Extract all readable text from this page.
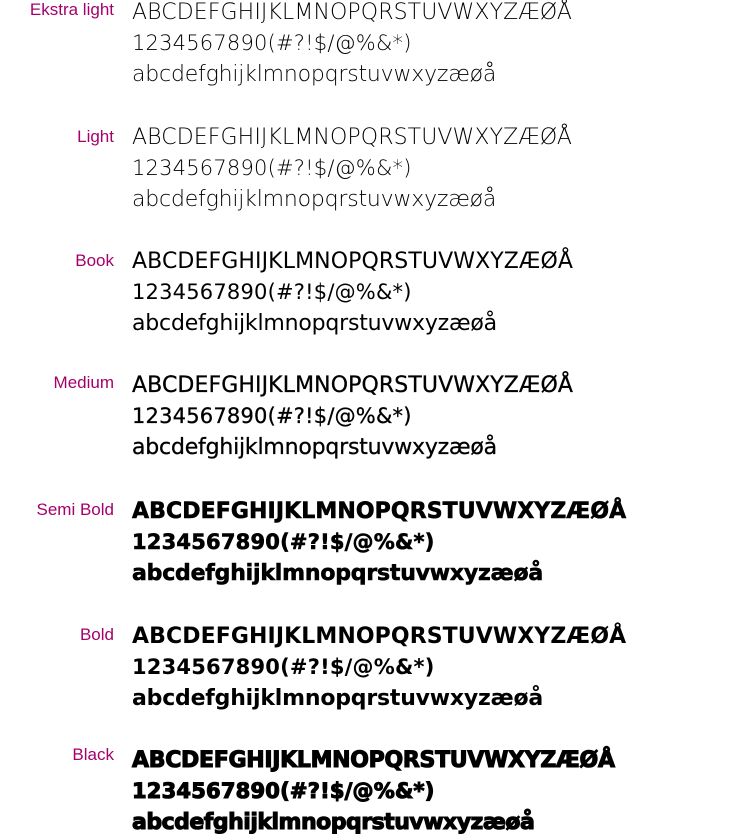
Ekstra light ABCDEFGHIJKLMNOPQRSTUVWXYZÆØÅ
1234567890(#?!$/@%&*)
abcdefghijklmnopqrstuvwxyzæøå
Light ABCDEFGHIJKLMNOPQRSTUVWXYZÆØÅ
1234567890(#?!$/@%&*)
abcdefghijklmnopqrstuvwxyzæøå
Book ABCDEFGHIJKLMNOPQRSTUVWXYZÆØÅ
1234567890(#?!$/@%&*)
abcdefghijklmnopqrstuvwxyzæøå
Medium ABCDEFGHIJKLMNOPQRSTUVWXYZÆØÅ
1234567890(#?!$/@%&*)
abcdefghijklmnopqrstuvwxyzæøå
Semi Bold ABCDEFGHIJKLMNOPQRSTUVWXYZÆØÅ
1234567890(#?!$/@%&*)
abcdefghijklmnopqrstuvwxyzæøå
Bold ABCDEFGHIJKLMNOPQRSTUVWXYZÆØÅ
1234567890(#?!$/@%&*)
abcdefghijklmnopqrstuvwxyzæøå
Black ABCDEFGHIJKLMNOPQRSTUVWXYZÆØÅ
1234567890(#?!$/@%&*)
abcdefghijklmnopqrstuvwxyzæøå
